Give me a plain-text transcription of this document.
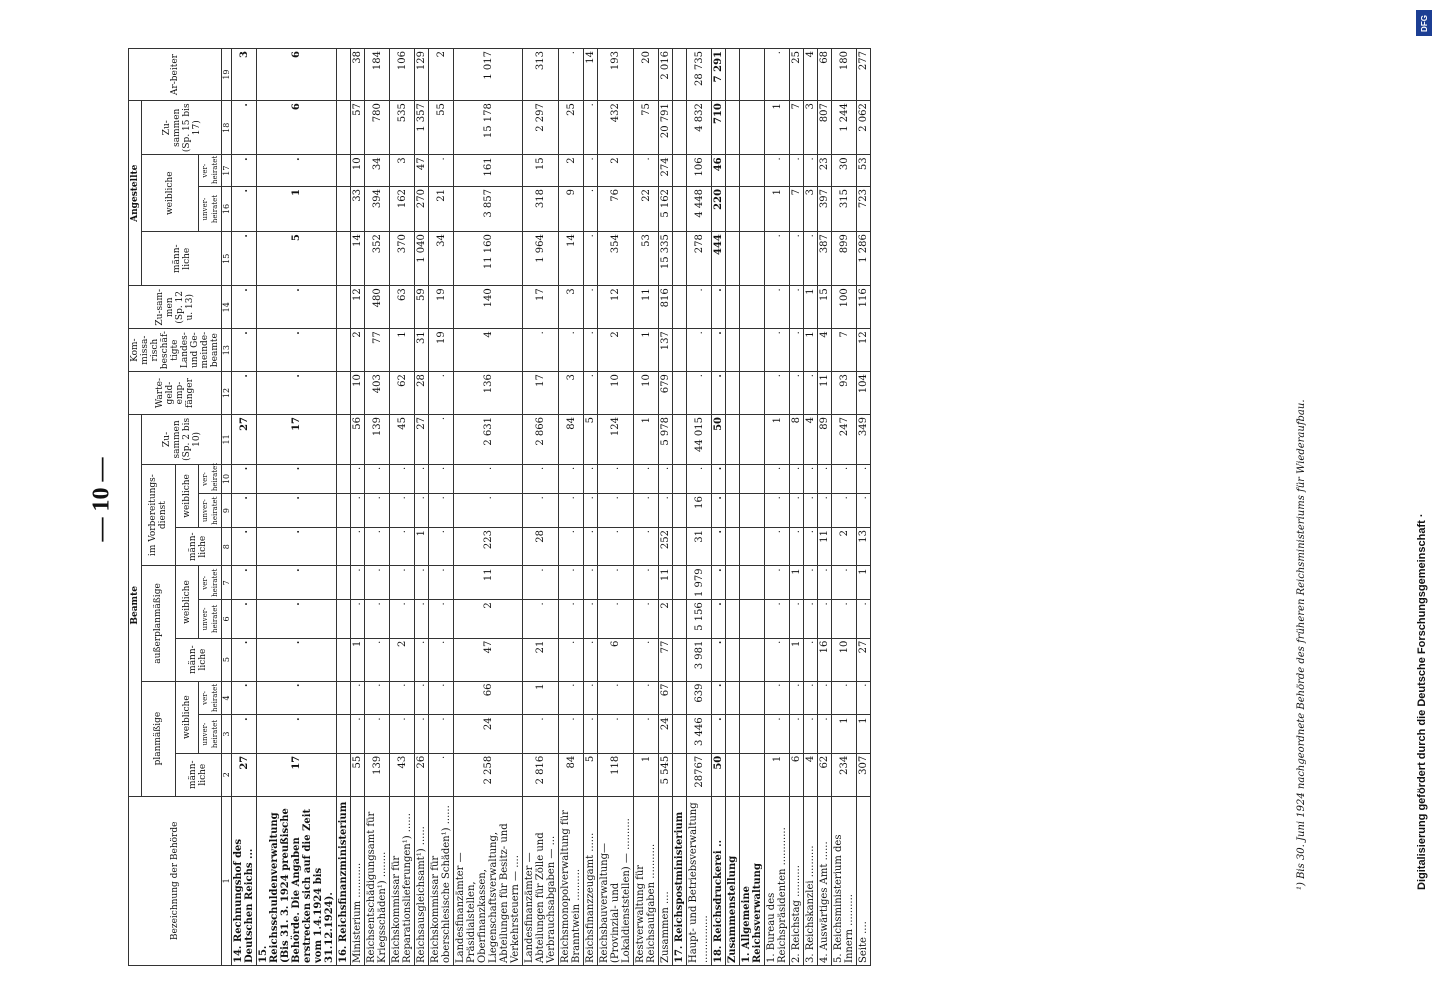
— 10 —
Bezeichnung der Behörde	Beamte										Warte-geld-emp-fänger	Kom-missa-risch beschäf-tigte Landes- und Ge-meinde-beamte	Zu-sam-men (Sp. 12 u. 13)	Angestellte				Ar-beiter
	planmäßige			außerplanmäßige			im Vorbereitungs-dienst			Zu-sammen (Sp. 2 bis 10)				männ-liche	weibliche		Zu-sammen (Sp. 15 bis 17)	
	männ-liche	weibliche		männ-liche	weibliche		männ-liche	weibliche										
		unver-heiratet	ver-heiratet		unver-heiratet	ver-heiratet		unver-heiratet	ver-heiratet						unver-heiratet	ver-heiratet		
1	2	3	4	5	6	7	8	9	10	11	12	13	14	15	16	17	18	19
14. Rechnungshof des Deutschen Reichs ...	27	.	.	.	.	.	.	.	.	27	.	.	.	.	.	.	.	3
15. Reichsschuldenverwaltung (Bis 31. 3. 1924 preußische Behörde. Die Angaben erstrecken sich auf die Zeit vom 1.4.1924 bis 31.12.1924).	17	.	.	.	.	.	.	.	.	17	.	.	.	5	1	.	6	6
16. Reichsfinanzministerium																		
Ministerium ...........	55	.	.	1	.	.	.	.	.	56	10	2	12	14	33	10	57	38
Reichsentschädigungsamt für Kriegsschäden¹) ........	139	.	.	.	.	.	.	.	.	139	403	77	480	352	394	34	780	184
Reichskommissar für Reparationslieferungen¹) ......	43	.	.	2	.	.	.	.	.	45	62	1	63	370	162	3	535	106
Reichsausgleichsamt¹) ......	26	.	.	.	.	.	1	.	.	27	28	31	59	1 040	270	47	1 357	129
Reichskommissar für oberschlesische Schäden¹) ......	.	.	.	.	.	.	.	.	.	.	.	19	19	34	21	.	55	2
Landesfinanzämter — Präsidialstellen, Oberfinanzkassen, Liegenschaftsverwaltung, Abteilungen für Besitz- und Verkehrsteuern — ....	2 258	24	66	47	2	11	223	.	.	2 631	136	4	140	11 160	3 857	161	15 178	1 017
Landesfinanzämter — Abteilungen für Zölle und Verbrauchsabgaben — ...	2 816	.	1	21	.	.	28	.	.	2 866	17	.	17	1 964	318	15	2 297	313
Reichsmonopolverwaltung für Branntwein ..........	84	.	.	.	.	.	.	.	.	84	3	.	3	14	9	2	25	.
Reichsfinanzzeugamt ......	5	.	.	.	.	.	.	.	.	5	.	.	.	.	.	.	.	14
Reichsbauverwaltung—(Provinzial- und Lokaldienststellen) — ..........	118	.	.	6	.	.	.	.	.	124	10	2	12	354	76	2	432	193
Restverwaltung für Reichsaufgaben ...........	1	.	.	.	.	.	.	.	.	1	10	1	11	53	22	.	75	20
Zusammen ....	5 545	24	67	77	2	11	252	.	.	5 978	679	137	816	15 335	5 162	274	20 791	2 016
17. Reichspostministerium																		
Haupt- und Betriebsverwaltung ...............	28767	3 446	639	3 981	5 156	1 979	31	16	.	44 015	.	.	.	278	4 448	106	4 832	28 735
18. Reichsdruckerei ..	50	.	.	.	.	.	.	.	.	50	.	.	.	444	220	46	710	7 291
Zusammenstellung																		
1. Allgemeine Reichsverwaltung																		
1. Bureau des Reichspräsidenten ............	1	.	.	.	.	.	.	.	.	1	.	.	.	.	1	.	1	.
2. Reichstag ..........	6	.	.	1	.	1	.	.	.	8	.	.	.	.	7	.	7	25
3. Reichskanzlei ..........	4	.	.	.	.	.	.	.	.	4	.	1	1	.	3	.	3	4
4. Auswärtiges Amt ......	62	.	.	16	.	.	11	.	.	89	11	4	15	387	397	23	807	68
5. Reichsministerium des Innern ..........	234	1	.	10	.	.	2	.	.	247	93	7	100	899	315	30	1 244	180
Seite ....	307	1	.	27	.	1	13	.	.	349	104	12	116	1 286	723	53	2 062	277
¹) Bis 30. Juni 1924 nachgeordnete Behörde des früheren Reichsministeriums für Wiederaufbau.	Digitalisierung gefördert durch die Deutsche Forschungsgemeinschaft ·
DFG
